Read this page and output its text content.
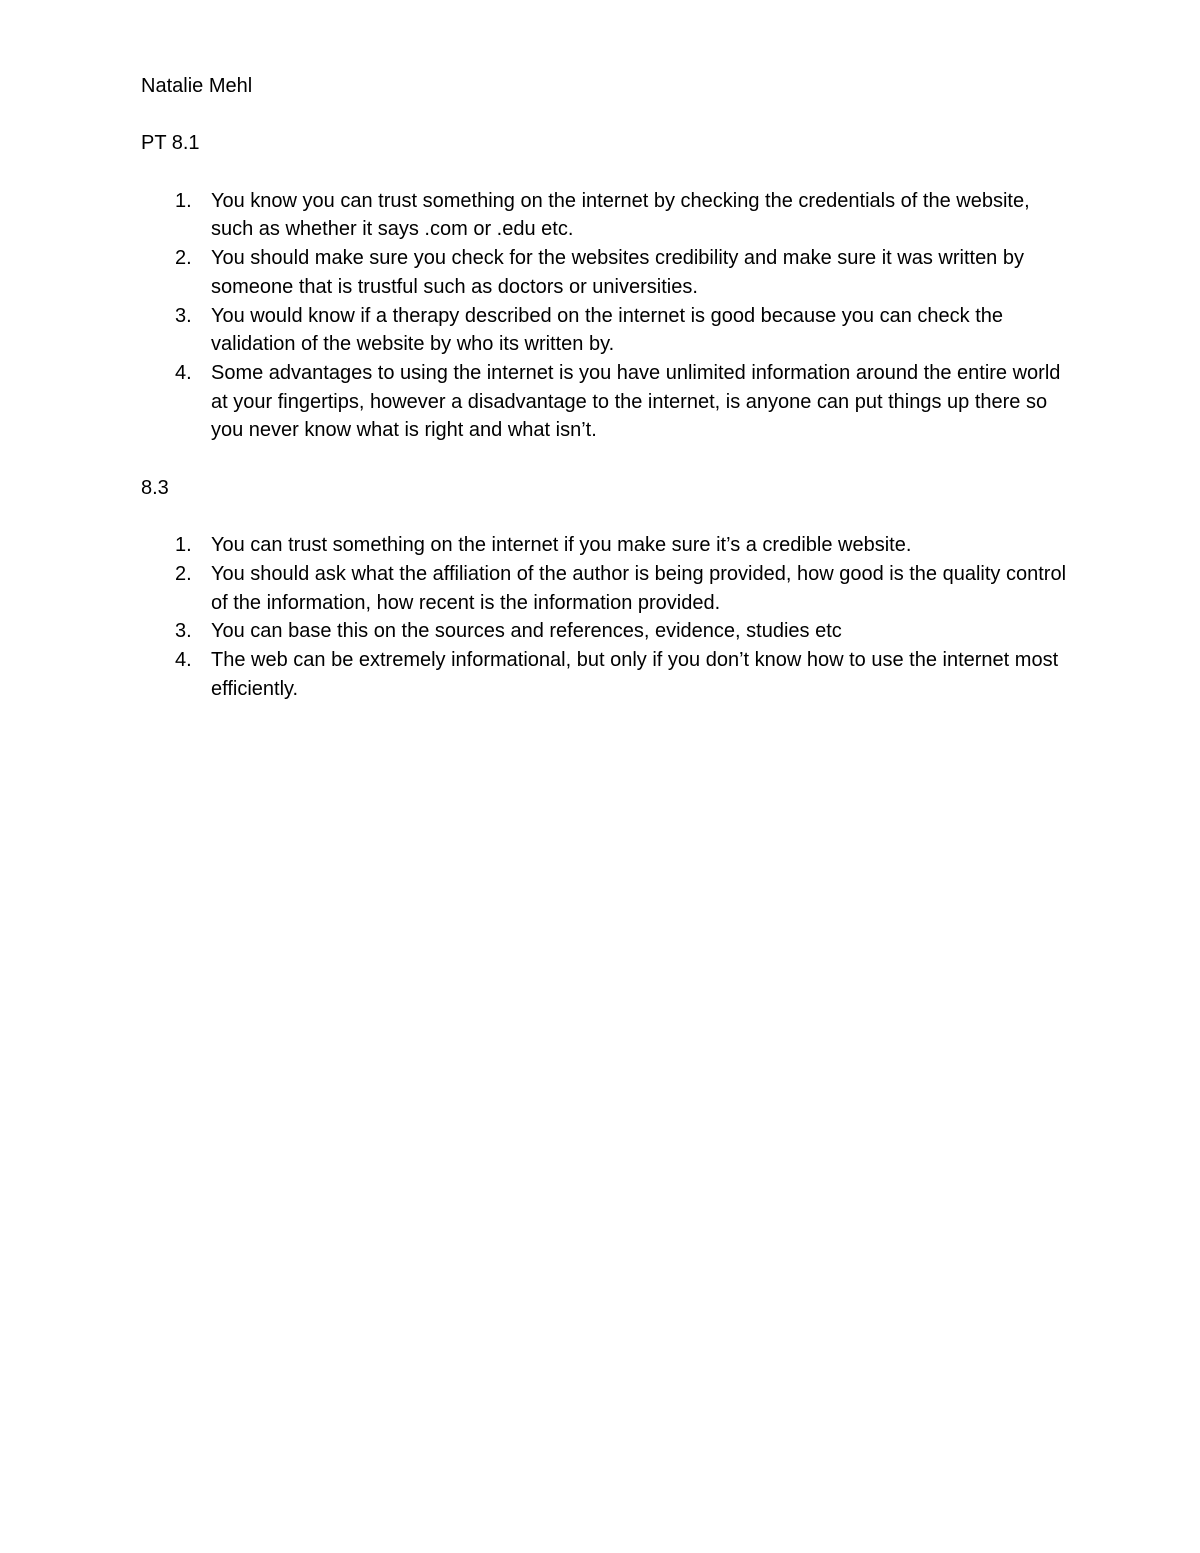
Natalie Mehl

PT 8.1

1. You know you can trust something on the internet by checking the credentials of the website, such as whether it says .com or .edu etc.
2. You should make sure you check for the websites credibility and make sure it was written by someone that is trustful such as doctors or universities.
3. You would know if a therapy described on the internet is good because you can check the validation of the website by who its written by.
4. Some advantages to using the internet is you have unlimited information around the entire world at your fingertips, however a disadvantage to the internet, is anyone can put things up there so you never know what is right and what isn’t.

8.3

1. You can trust something on the internet if you make sure it’s a credible website.
2. You should ask what the affiliation of the author is being provided, how good is the quality control of the information, how recent is the information provided.
3. You can base this on the sources and references, evidence, studies etc
4. The web can be extremely informational, but only if you don’t know how to use the internet most efficiently.
